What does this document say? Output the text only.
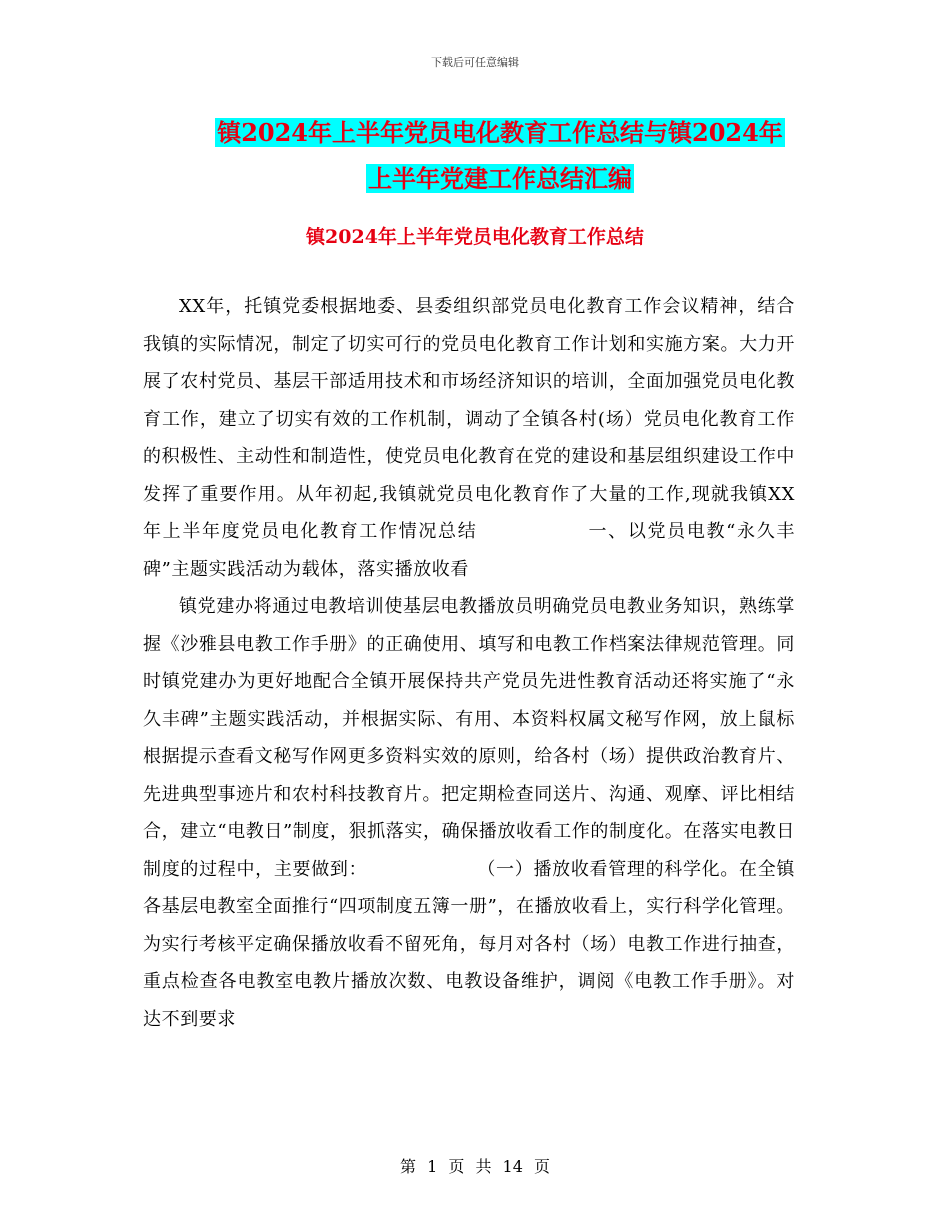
下载后可任意编辑
镇2024年上半年党员电化教育工作总结与镇2024年
上半年党建工作总结汇编
镇2024年上半年党员电化教育工作总结

XX年，托镇党委根据地委、县委组织部党员电化教育工作会议精神，结合我镇的实际情况，制定了切实可行的党员电化教育工作计划和实施方案。大力开展了农村党员、基层干部适用技术和市场经济知识的培训，全面加强党员电化教育工作，建立了切实有效的工作机制，调动了全镇各村(场）党员电化教育工作的积极性、主动性和制造性，使党员电化教育在党的建设和基层组织建设工作中发挥了重要作用。从年初起,我镇就党员电化教育作了大量的工作,现就我镇XX年上半年度党员电化教育工作情况总结	一、以党员电教“永久丰碑”主题实践活动为载体，落实播放收看

镇党建办将通过电教培训使基层电教播放员明确党员电教业务知识，熟练掌握《沙雅县电教工作手册》的正确使用、填写和电教工作档案法律规范管理。同时镇党建办为更好地配合全镇开展保持共产党员先进性教育活动还将实施了“永久丰碑”主题实践活动，并根据实际、有用、本资料权属文秘写作网，放上鼠标根据提示查看文秘写作网更多资料实效的原则，给各村（场）提供政治教育片、先进典型事迹片和农村科技教育片。把定期检查同送片、沟通、观摩、评比相结合，建立“电教日”制度，狠抓落实，确保播放收看工作的制度化。在落实电教日制度的过程中，主要做到：	（一）播放收看管理的科学化。在全镇各基层电教室全面推行“四项制度五簿一册”，在播放收看上，实行科学化管理。为实行考核平定确保播放收看不留死角，每月对各村（场）电教工作进行抽查，重点检查各电教室电教片播放次数、电教设备维护，调阅《电教工作手册》。对达不到要求

第 1 页 共 14 页
